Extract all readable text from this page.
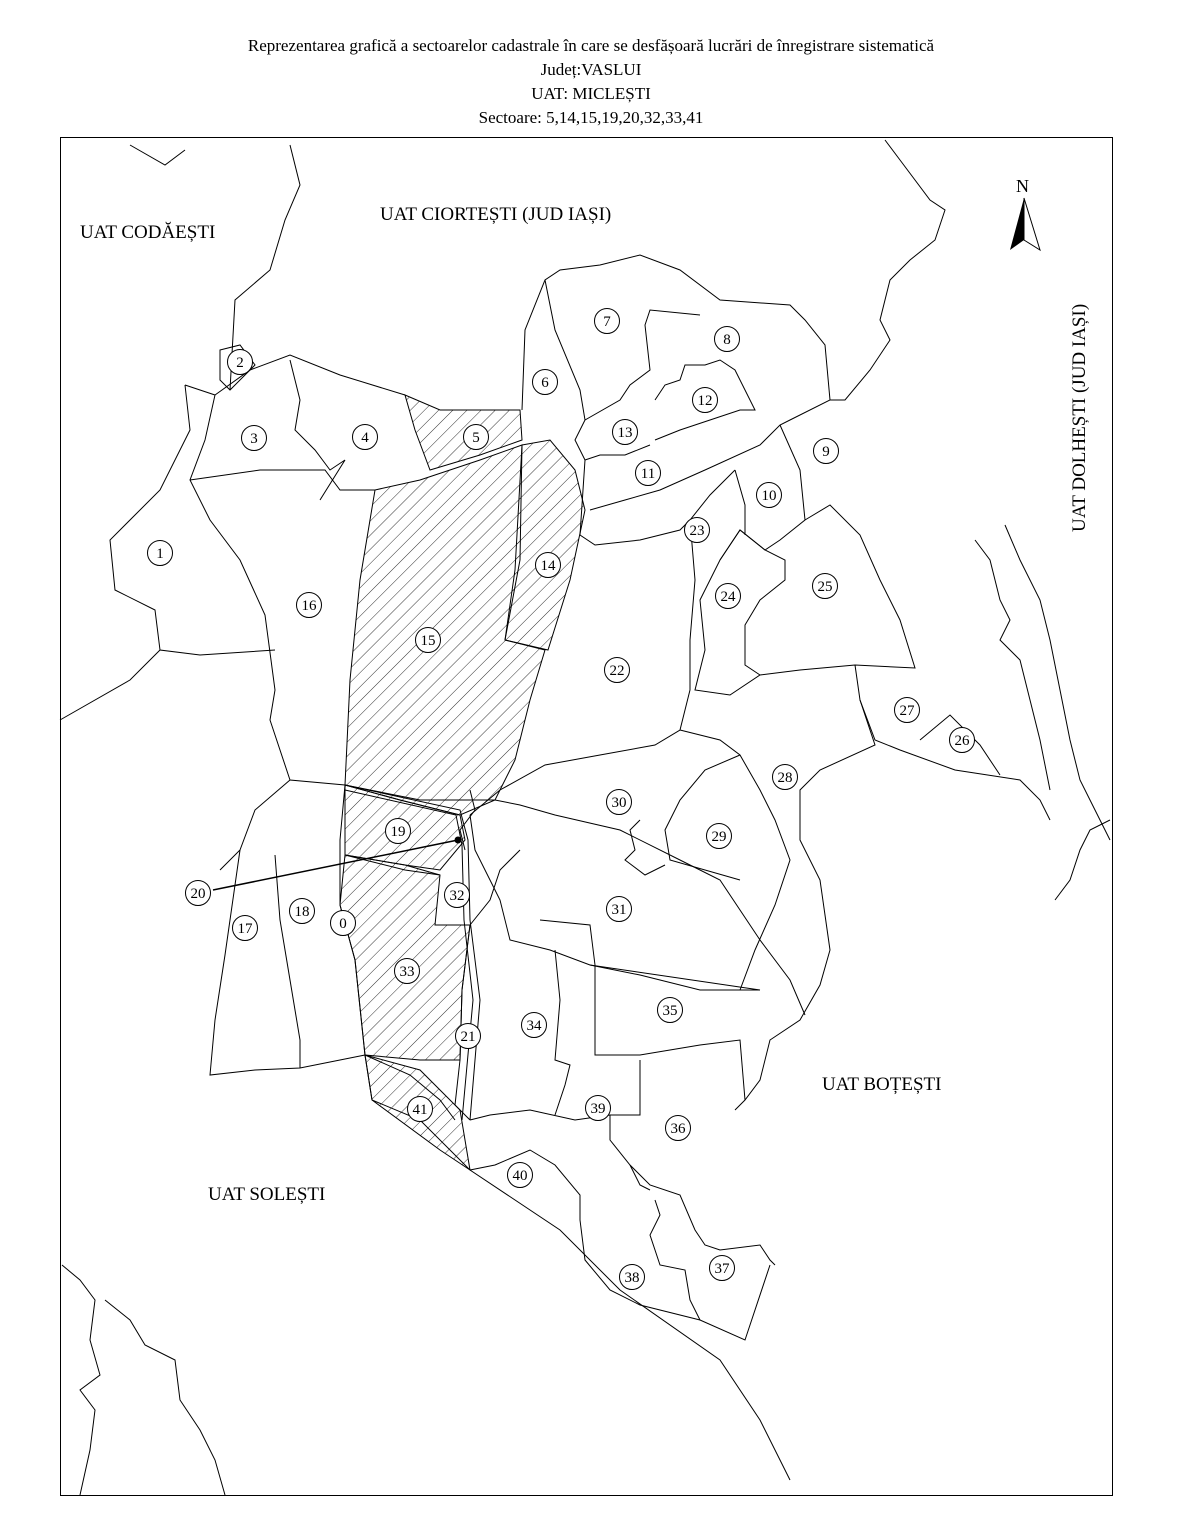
Reprezentarea grafică a sectoarelor cadastrale în care se desfășoară lucrări de înregistrare sistematică
Județ:VASLUI
UAT: MICLEȘTI
Sectoare: 5,14,15,19,20,32,33,41
UAT CODĂEȘTI
UAT CIORTEȘTI (JUD IAȘI)
UAT DOLHEȘTI (JUD IAȘI)
UAT BOȚEȘTI
UAT SOLEȘTI
N
0
1
2
3	4	5
6
7
8
9
10
11
12
13
14
15
16
17
18
19
20
21
22
23
24
25
26
27
28
29
30
31
32
33
34
35
36
37
38
39
40
41
